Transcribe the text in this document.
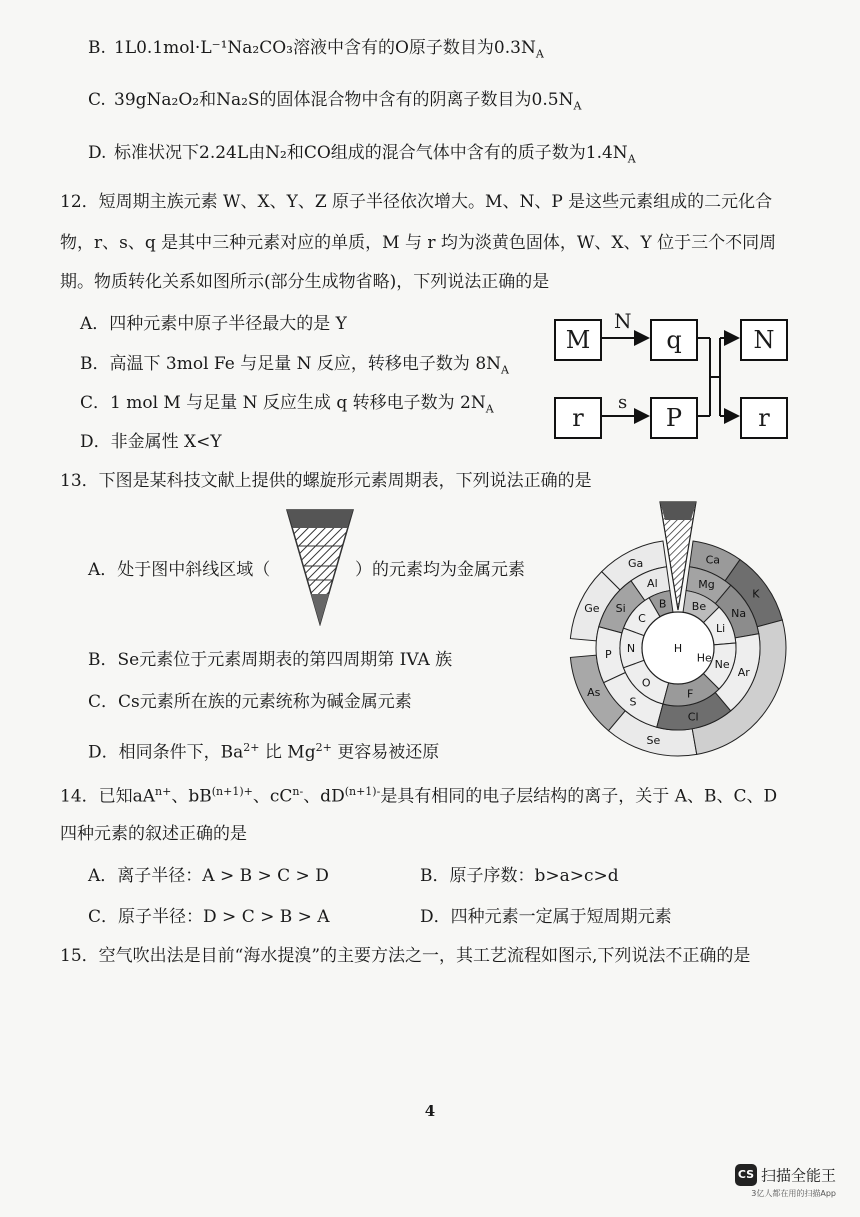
B. 1L0.1mol·L⁻¹Na₂CO₃溶液中含有的O原子数目为$0.3N_A$
C. 39gNa₂O₂和Na₂S的固体混合物中含有的阴离子数目为$0.5N_A$
D. 标准状况下2.24L由N₂和CO组成的混合气体中含有的质子数为$1.4N_A$
12．短周期主族元素 W、X、Y、Z 原子半径依次增大。M、N、P 是这些元素组成的二元化合
物，r、s、q 是其中三种元素对应的单质，M 与 r 均为淡黄色固体，W、X、Y 位于三个不同周
期。物质转化关系如图所示(部分生成物省略)，下列说法正确的是
A．四种元素中原子半径最大的是 Y
B．高温下 3mol Fe 与足量 N 反应，转移电子数为 $8N_A$
C．1 mol M 与足量 N 反应生成 q 转移电子数为 $2N_A$
D．非金属性 X<Y
M	q	N
r	P	r
N
s
13．下图是某科技文献上提供的螺旋形元素周期表，下列说法正确的是
A．处于图中斜线区域（	）的元素均为金属元素
B．Se元素位于元素周期表的第四周期第 IVA 族
C．Cs元素所在族的元素统称为碱金属元素
D．相同条件下，$Ba^{2+}$ 比 $Mg^{2+}$ 更容易被还原
K
Ca
Ga
Ge
As
Se
Na
Mg
Al
Si
P
S
Cl
Ar
Li
Be
B
C
N
O
F
Ne
H
He
14．已知$aA^{n+}$、$bB^{(n+1)+}$、$cC^{n-}$、$dD^{(n+1)-}$是具有相同的电子层结构的离子，关于 A、B、C、D
四种元素的叙述正确的是
A．离子半径：A > B > C > D	B．原子序数：b>a>c>d
C．原子半径：D > C > B > A	D．四种元素一定属于短周期元素
15．空气吹出法是目前“海水提溴”的主要方法之一，其工艺流程如图示,下列说法不正确的是
4
CS 扫描全能王
3亿人都在用的扫描App
